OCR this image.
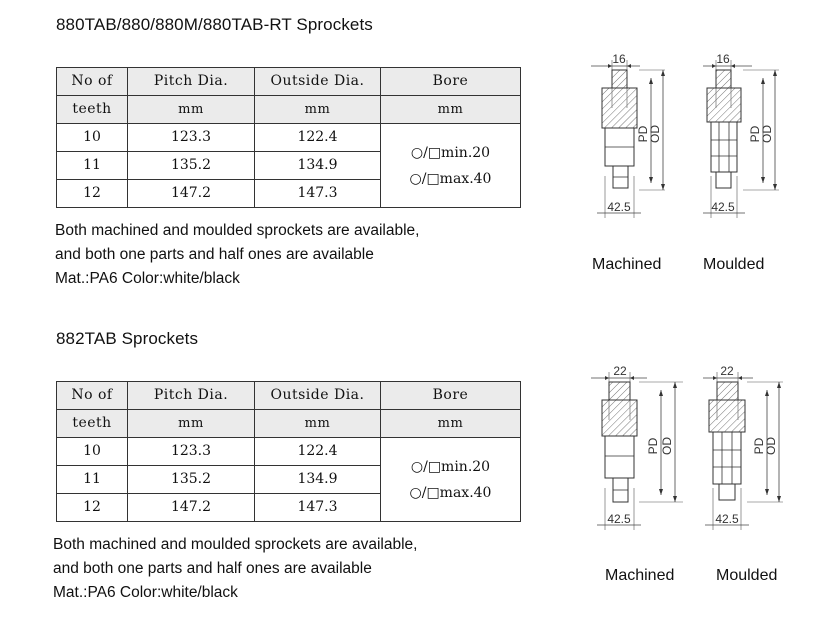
880TAB/880/880M/880TAB-RT Sprockets
No of	Pitch Dia.	Outside Dia.	Bore
teeth	mm	mm	mm
10	123.3	122.4	○/□min.20
○/□max.40

11	135.2	134.9	
12	147.2	147.3	
Both machined and moulded sprockets are available,
and both one parts and half ones are available
Mat.:PA6 Color:white/black
16
42.5
PD
OD
16
42.5
PD
OD
Machined	Moulded
882TAB Sprockets
No of	Pitch Dia.	Outside Dia.	Bore
teeth	mm	mm	mm
10	123.3	122.4	○/□min.20
○/□max.40

11	135.2	134.9	
12	147.2	147.3	
Both machined and moulded sprockets are available,
and both one parts and half ones are available
Mat.:PA6 Color:white/black
22
42.5
PD OD
22
42.5
PD
OD
Machined	Moulded
